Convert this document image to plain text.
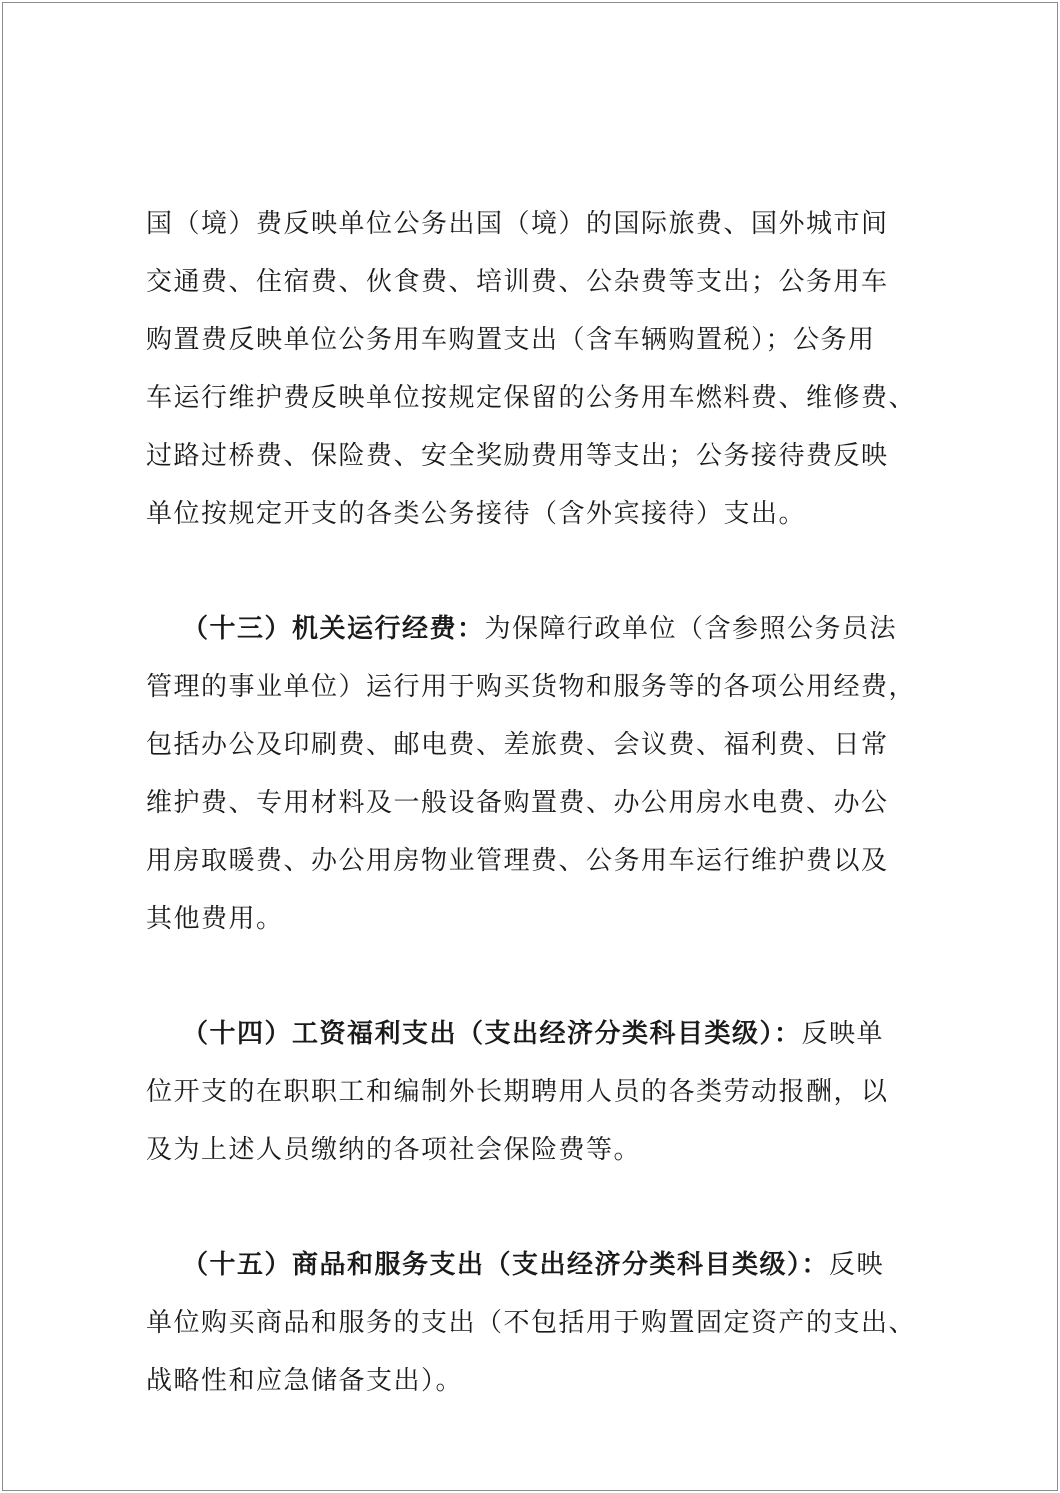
国（境）费反映单位公务出国（境）的国际旅费、国外城市间
交通费、住宿费、伙食费、培训费、公杂费等支出；公务用车
购置费反映单位公务用车购置支出（含车辆购置税）；公务用
车运行维护费反映单位按规定保留的公务用车燃料费、维修费、
过路过桥费、保险费、安全奖励费用等支出；公务接待费反映
单位按规定开支的各类公务接待（含外宾接待）支出。
（十三）机关运行经费：为保障行政单位（含参照公务员法
管理的事业单位）运行用于购买货物和服务等的各项公用经费，
包括办公及印刷费、邮电费、差旅费、会议费、福利费、日常
维护费、专用材料及一般设备购置费、办公用房水电费、办公
用房取暖费、办公用房物业管理费、公务用车运行维护费以及
其他费用。
（十四）工资福利支出（支出经济分类科目类级）：反映单
位开支的在职职工和编制外长期聘用人员的各类劳动报酬，以
及为上述人员缴纳的各项社会保险费等。
（十五）商品和服务支出（支出经济分类科目类级）：反映
单位购买商品和服务的支出（不包括用于购置固定资产的支出、
战略性和应急储备支出）。
